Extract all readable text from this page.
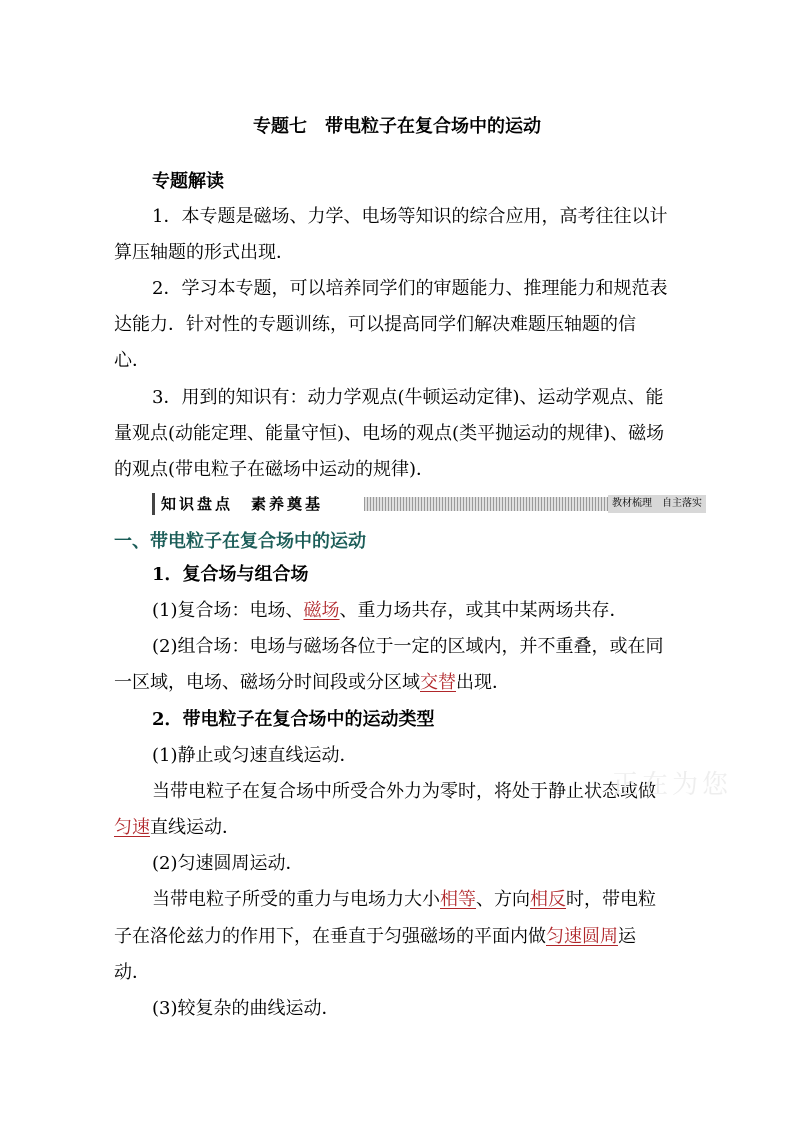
专题七　带电粒子在复合场中的运动
专题解读
1．本专题是磁场、力学、电场等知识的综合应用，高考往往以计
算压轴题的形式出现．
2．学习本专题，可以培养同学们的审题能力、推理能力和规范表
达能力．针对性的专题训练，可以提高同学们解决难题压轴题的信
心．
3．用到的知识有：动力学观点(牛顿运动定律)、运动学观点、能
量观点(动能定理、能量守恒)、电场的观点(类平抛运动的规律)、磁场
的观点(带电粒子在磁场中运动的规律)．
知识盘点　素养奠基	教材梳理　自主落实
一、带电粒子在复合场中的运动
1．复合场与组合场
(1)复合场：电场、磁场、重力场共存，或其中某两场共存．
(2)组合场：电场与磁场各位于一定的区域内，并不重叠，或在同
一区域，电场、磁场分时间段或分区域交替出现．
2．带电粒子在复合场中的运动类型
(1)静止或匀速直线运动．
当带电粒子在复合场中所受合外力为零时，将处于静止状态或做
匀速直线运动．
(2)匀速圆周运动．
当带电粒子所受的重力与电场力大小相等、方向相反时，带电粒
子在洛伦兹力的作用下，在垂直于匀强磁场的平面内做匀速圆周运
动．
(3)较复杂的曲线运动．
正在为您
